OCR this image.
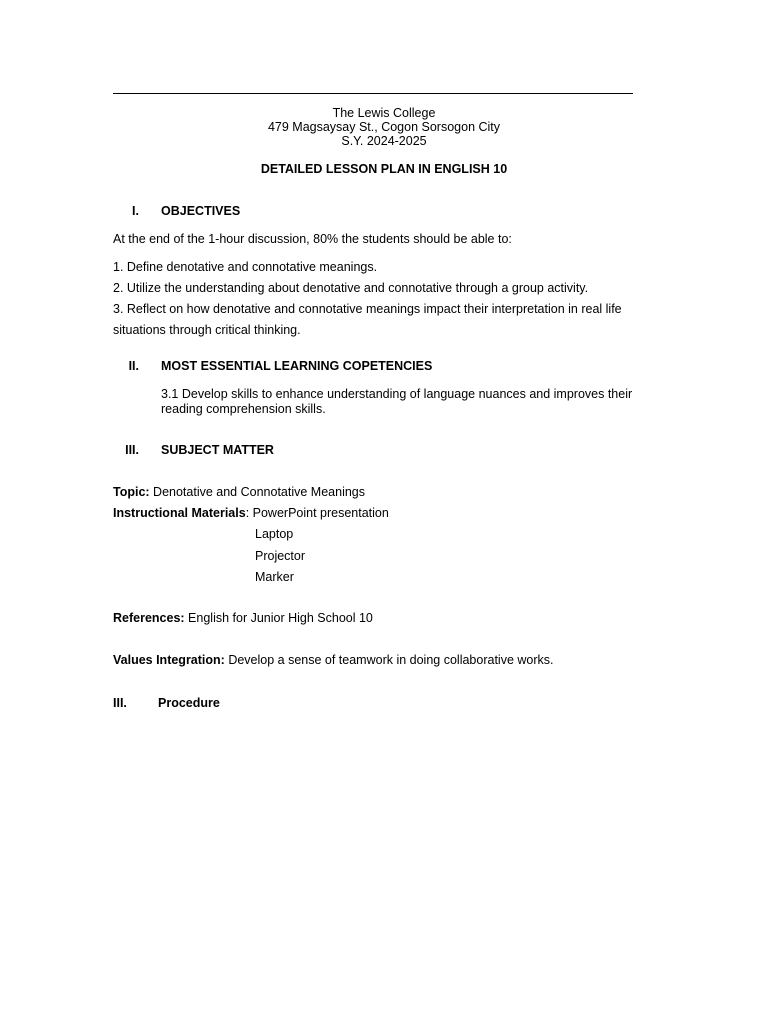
The Lewis College
479 Magsaysay St., Cogon Sorsogon City
S.Y. 2024-2025
DETAILED LESSON PLAN IN ENGLISH 10
I. OBJECTIVES
At the end of the 1-hour discussion, 80% the students should be able to:
1. Define denotative and connotative meanings.
2. Utilize the understanding about denotative and connotative through a group activity.
3. Reflect on how denotative and connotative meanings impact their interpretation in real life situations through critical thinking.
II. MOST ESSENTIAL LEARNING COPETENCIES
3.1 Develop skills to enhance understanding of language nuances and improves their reading comprehension skills.
III. SUBJECT MATTER
Topic: Denotative and Connotative Meanings
Instructional Materials: PowerPoint presentation
Laptop
Projector
Marker
References: English for Junior High School 10
Values Integration: Develop a sense of teamwork in doing collaborative works.
III. Procedure
